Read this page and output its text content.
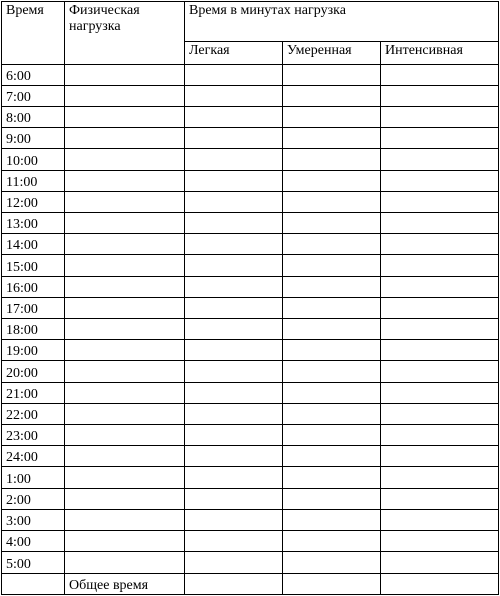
Время	Физическая нагрузка	Время в минутах нагрузка		
		Легкая	Умеренная	Интенсивная
6:00				
7:00				
8:00				
9:00				
10:00				
11:00				
12:00				
13:00				
14:00				
15:00				
16:00				
17:00				
18:00				
19:00				
20:00				
21:00				
22:00				
23:00				
24:00				
1:00				
2:00				
3:00				
4:00				
5:00				
	Общее время			
